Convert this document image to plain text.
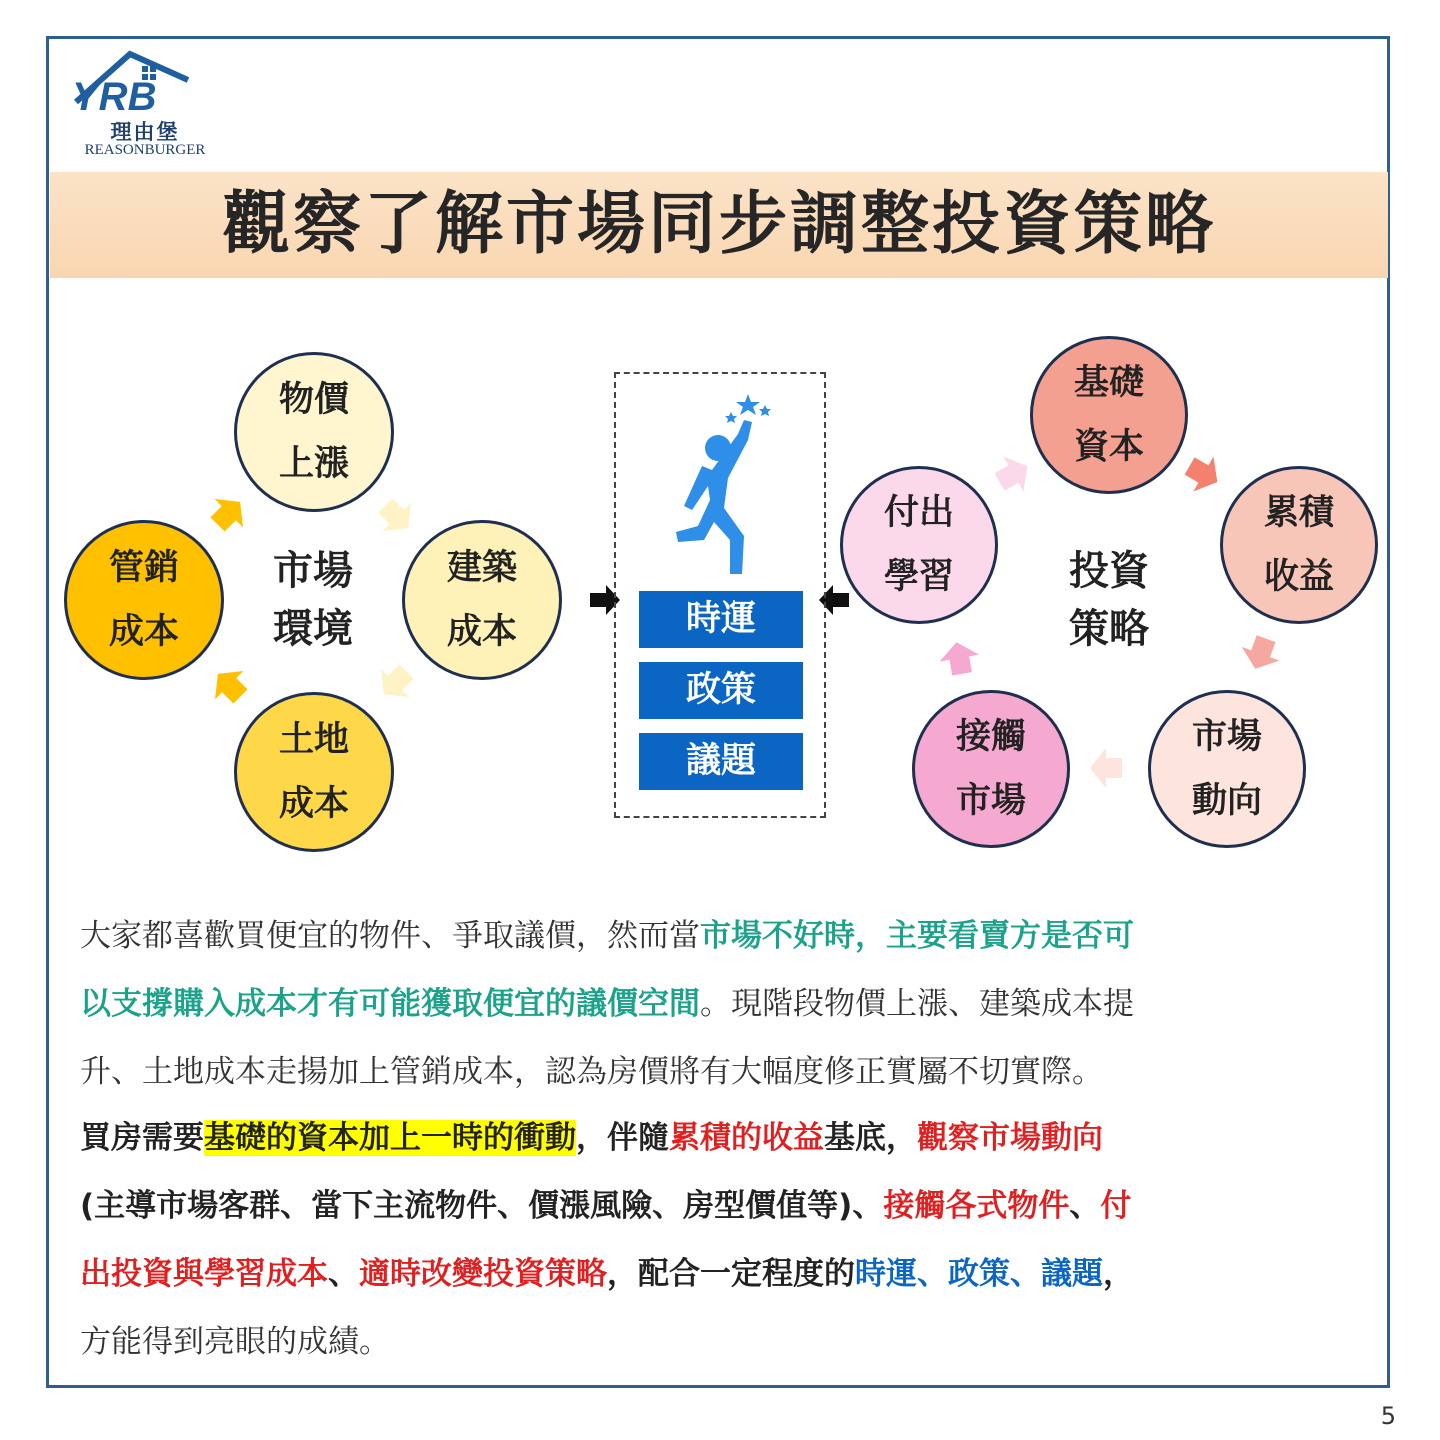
YRB
理由堡
REASONBURGER
觀察了解市場同步調整投資策略
物價
上漲
建築
成本
土地
成本
管銷
成本
市場
環境	時運
政策
議題
基礎
資本
累積
收益
市場
動向
接觸
市場
付出
學習	投資
策略
大家都喜歡買便宜的物件、爭取議價，然而當市場不好時，主要看賣方是否可
以支撐購入成本才有可能獲取便宜的議價空間。現階段物價上漲、建築成本提
升、土地成本走揚加上管銷成本，認為房價將有大幅度修正實屬不切實際。
買房需要基礎的資本加上一時的衝動，伴隨累積的收益基底，觀察市場動向
(主導市場客群、當下主流物件、價漲風險、房型價值等)、接觸各式物件、付
出投資與學習成本、適時改變投資策略，配合一定程度的時運、政策、議題，
方能得到亮眼的成績。
5
